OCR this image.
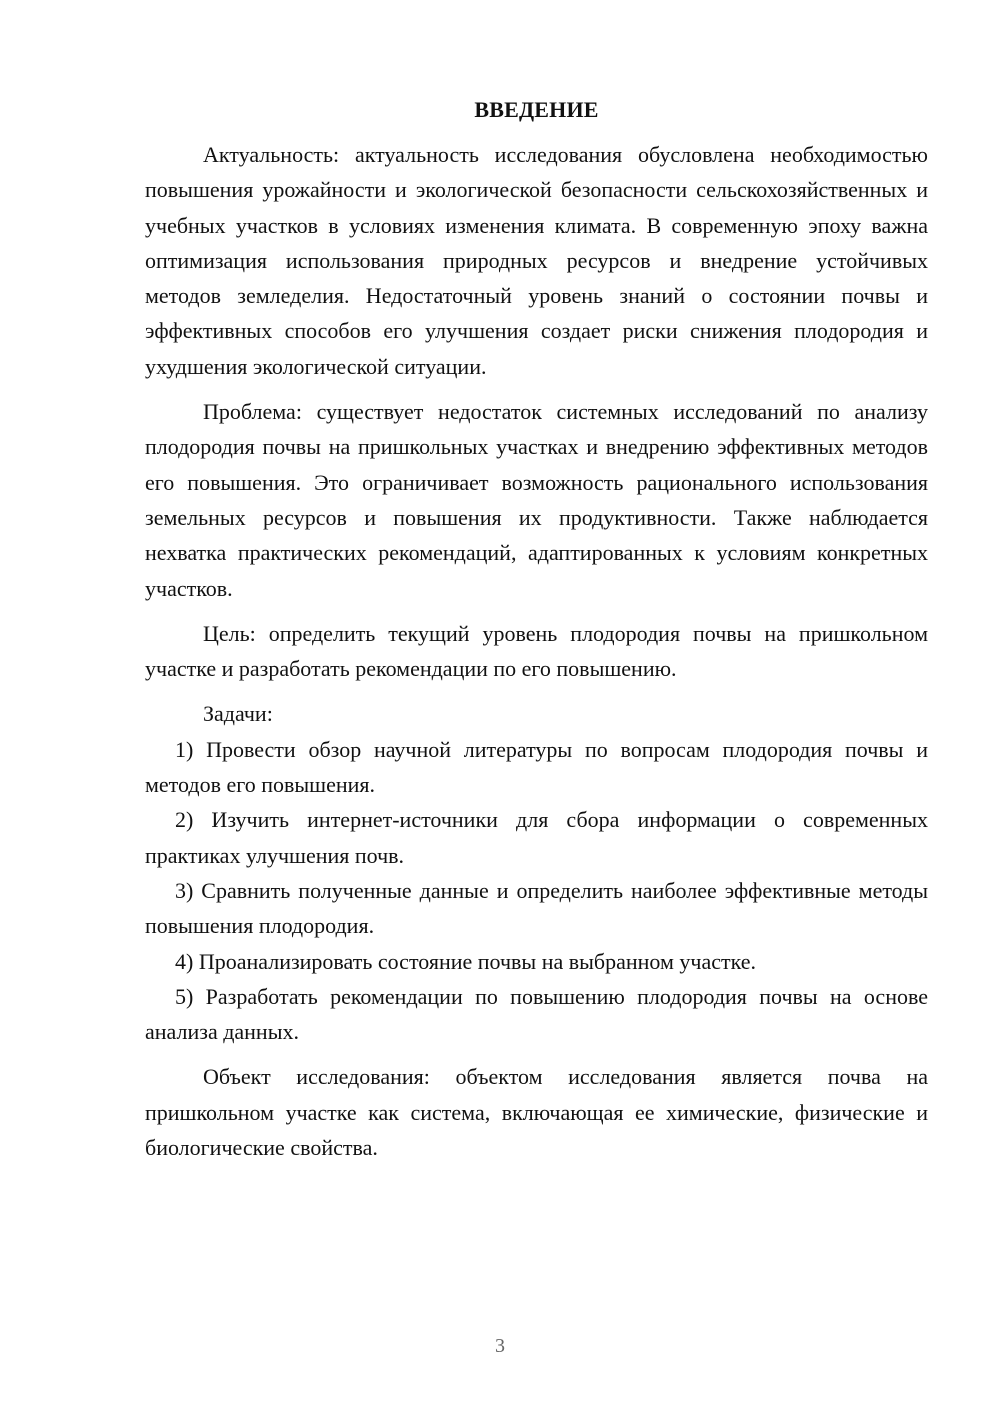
ВВЕДЕНИЕ

Актуальность: актуальность исследования обусловлена необходимостью повышения урожайности и экологической безопасности сельскохозяйственных и учебных участков в условиях изменения климата. В современную эпоху важна оптимизация использования природных ресурсов и внедрение устойчивых методов земледелия. Недостаточный уровень знаний о состоянии почвы и эффективных способов его улучшения создает риски снижения плодородия и ухудшения экологической ситуации.

Проблема: существует недостаток системных исследований по анализу плодородия почвы на пришкольных участках и внедрению эффективных методов его повышения. Это ограничивает возможность рационального использования земельных ресурсов и повышения их продуктивности. Также наблюдается нехватка практических рекомендаций, адаптированных к условиям конкретных участков.

Цель: определить текущий уровень плодородия почвы на пришкольном участке и разработать рекомендации по его повышению.

Задачи:

1) Провести обзор научной литературы по вопросам плодородия почвы и методов его повышения.

2) Изучить интернет-источники для сбора информации о современных практиках улучшения почв.

3) Сравнить полученные данные и определить наиболее эффективные методы повышения плодородия.

4) Проанализировать состояние почвы на выбранном участке.

5) Разработать рекомендации по повышению плодородия почвы на основе анализа данных.

Объект исследования: объектом исследования является почва на пришкольном участке как система, включающая ее химические, физические и биологические свойства.

3
